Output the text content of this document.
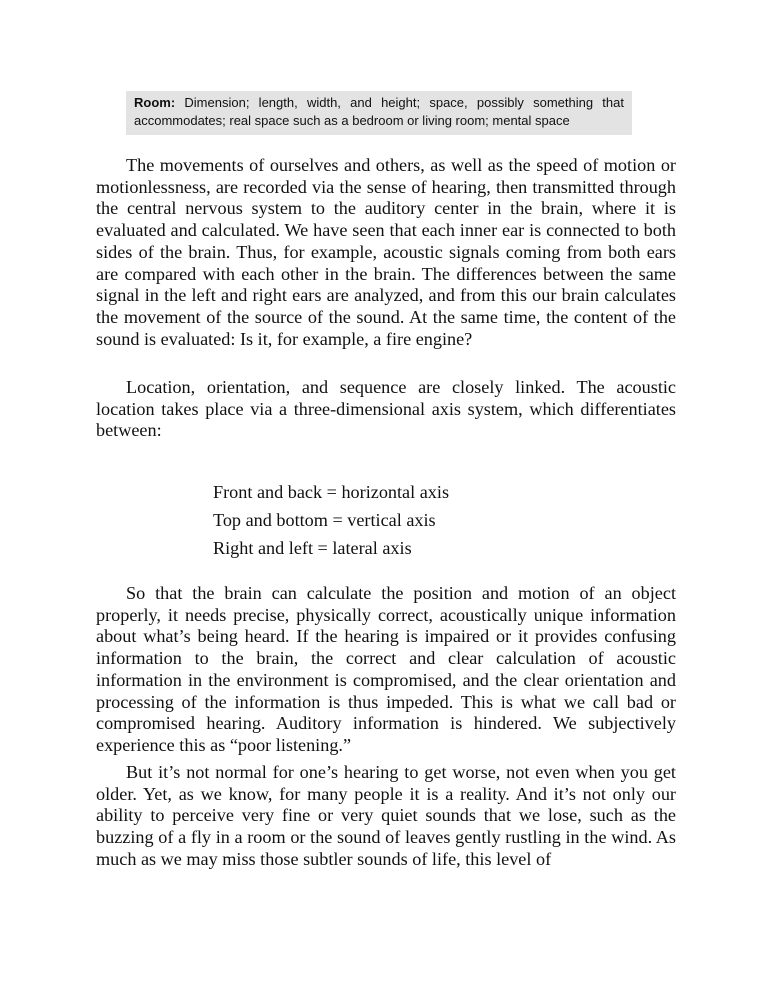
Room: Dimension; length, width, and height; space, possibly something that accommodates; real space such as a bedroom or living room; mental space

The movements of ourselves and others, as well as the speed of motion or motionlessness, are recorded via the sense of hearing, then transmitted through the central nervous system to the auditory center in the brain, where it is evaluated and calculated. We have seen that each inner ear is connected to both sides of the brain. Thus, for example, acoustic signals coming from both ears are compared with each other in the brain. The differences between the same signal in the left and right ears are analyzed, and from this our brain calculates the movement of the source of the sound. At the same time, the content of the sound is evaluated: Is it, for example, a fire engine?

Location, orientation, and sequence are closely linked. The acoustic location takes place via a three-dimensional axis system, which differentiates between:

Front and back = horizontal axis
Top and bottom = vertical axis
Right and left = lateral axis

So that the brain can calculate the position and motion of an object properly, it needs precise, physically correct, acoustically unique information about what’s being heard. If the hearing is impaired or it provides confusing information to the brain, the correct and clear calculation of acoustic information in the environment is compromised, and the clear orientation and processing of the information is thus impeded. This is what we call bad or compromised hearing. Auditory information is hindered. We subjectively experience this as “poor listening.”

But it’s not normal for one’s hearing to get worse, not even when you get older. Yet, as we know, for many people it is a reality. And it’s not only our ability to perceive very fine or very quiet sounds that we lose, such as the buzzing of a fly in a room or the sound of leaves gently rustling in the wind. As much as we may miss those subtler sounds of life, this level of
